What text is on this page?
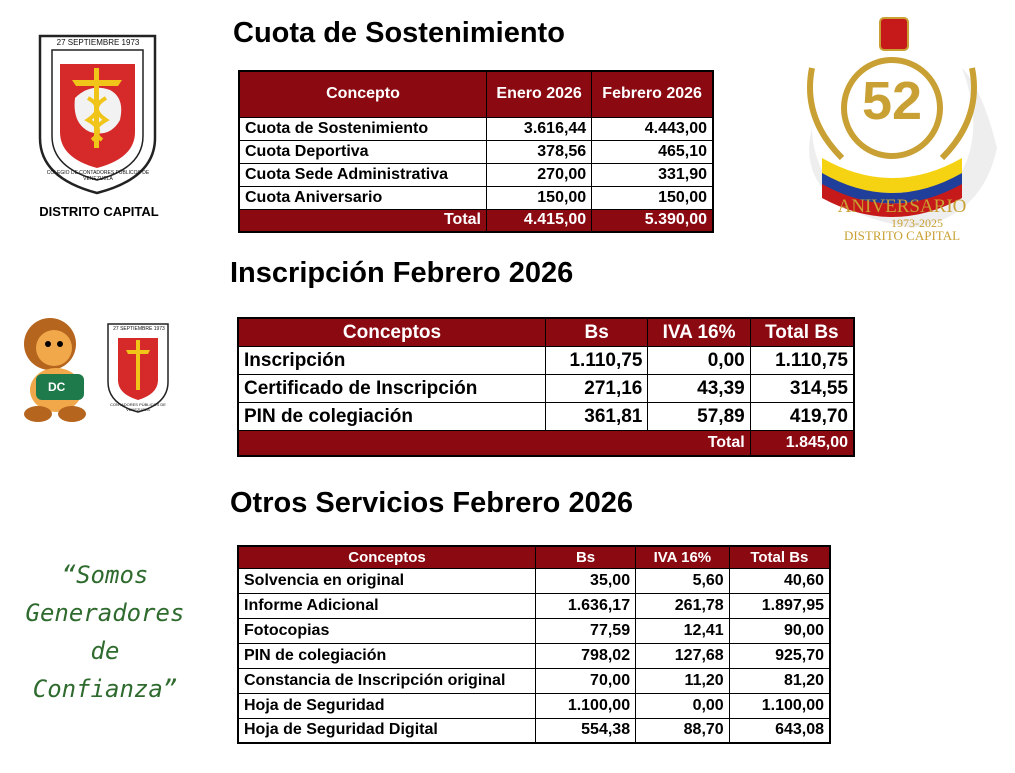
27 SEPTIEMBRE 1973
COLEGIO DE CONTADORES PÚBLICOS DE VENEZUELA
DISTRITO CAPITAL
52
ANIVERSARIO
1973-2025
DISTRITO CAPITAL
DC
27 SEPTIEMBRE 1973
CONTADORES PÚBLICOS DE VENEZUELA
“Somos
Generadores
de
Confianza”
Cuota de Sostenimiento
Concepto	Enero 2026	Febrero 2026
Cuota de Sostenimiento	3.616,44	4.443,00
Cuota Deportiva	378,56	465,10
Cuota Sede Administrativa	270,00	331,90
Cuota Aniversario	150,00	150,00
Total	4.415,00	5.390,00
Inscripción Febrero 2026
Conceptos	Bs	IVA 16%	Total Bs
Inscripción	1.110,75	0,00	1.110,75
Certificado de Inscripción	271,16	43,39	314,55
PIN de colegiación	361,81	57,89	419,70
Total			1.845,00
Otros Servicios Febrero 2026
Conceptos	Bs	IVA 16%	Total Bs
Solvencia en original	35,00	5,60	40,60
Informe Adicional	1.636,17	261,78	1.897,95
Fotocopias	77,59	12,41	90,00
PIN de colegiación	798,02	127,68	925,70
Constancia de Inscripción original	70,00	11,20	81,20
Hoja de Seguridad	1.100,00	0,00	1.100,00
Hoja de Seguridad Digital	554,38	88,70	643,08
